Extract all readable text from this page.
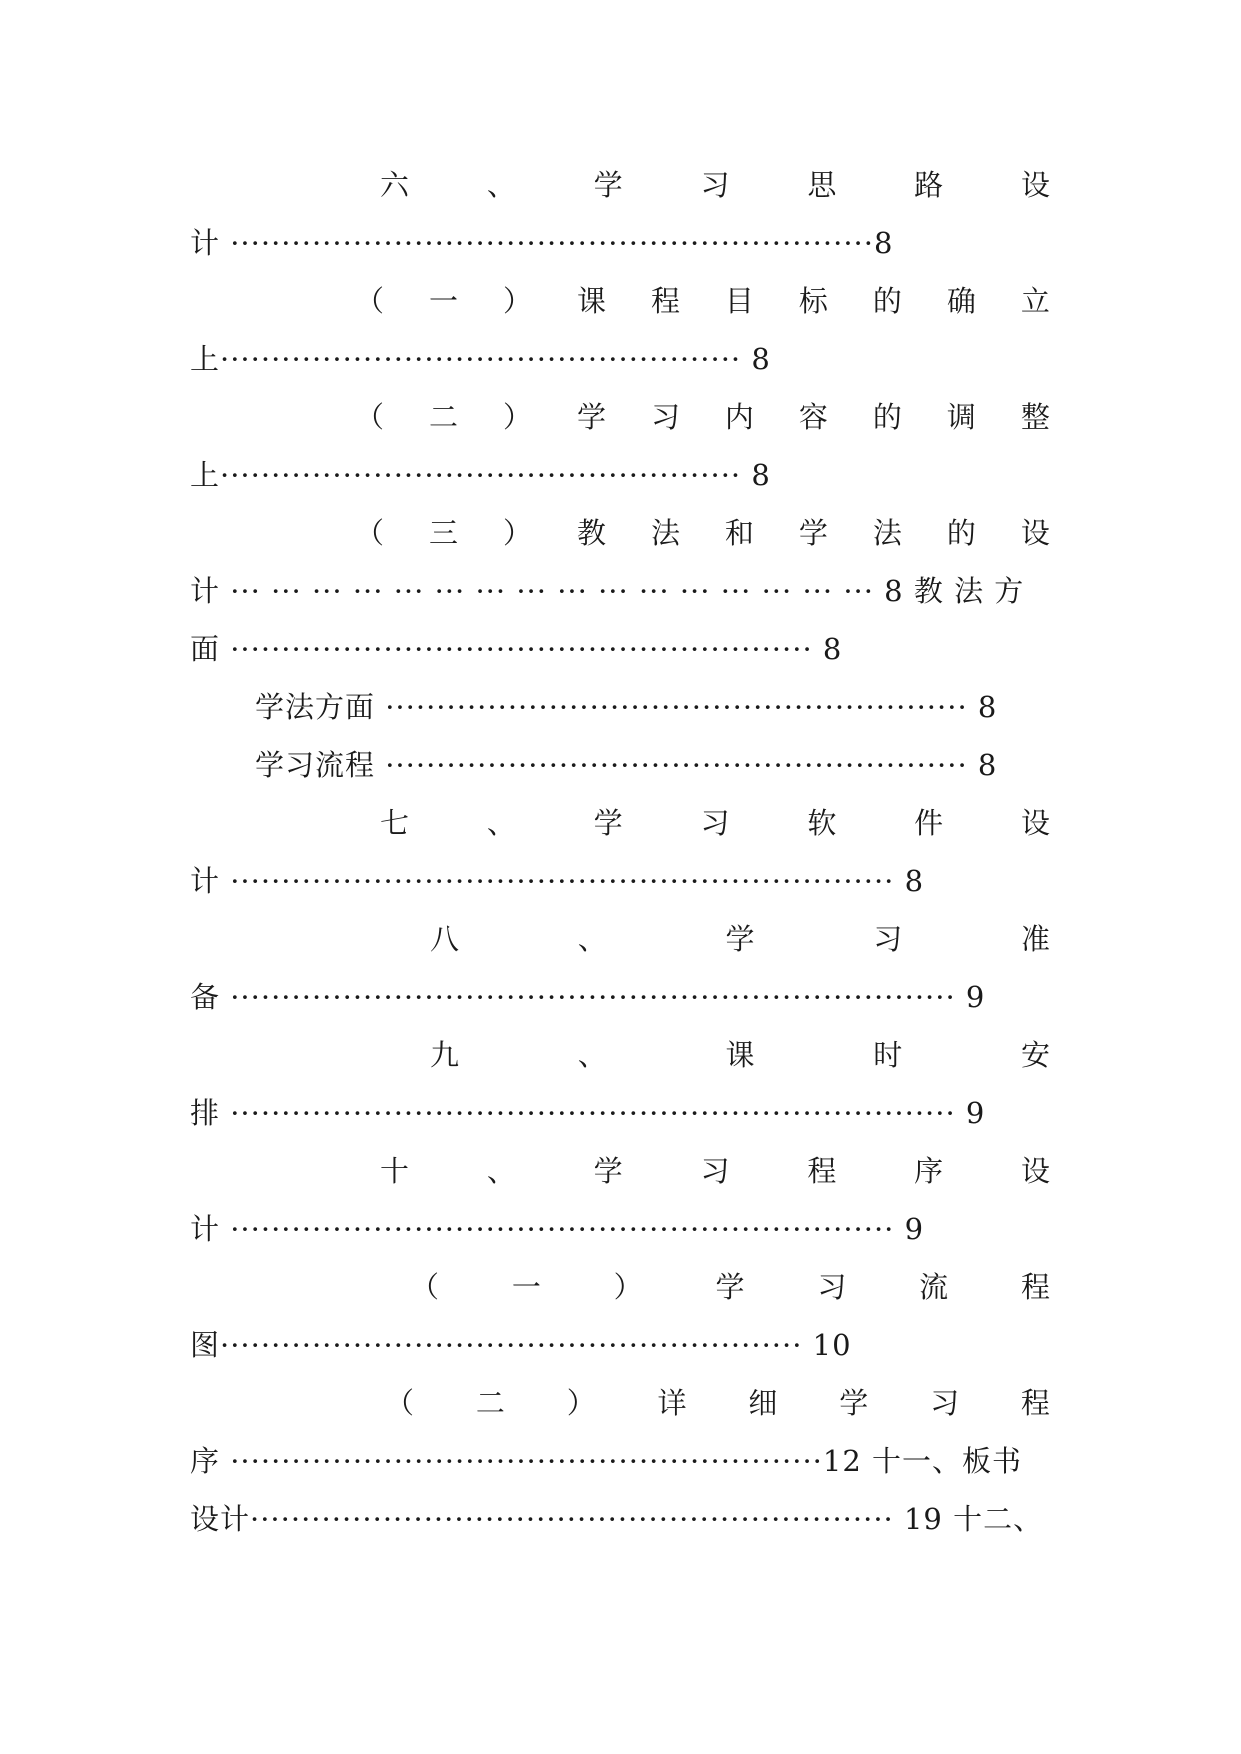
六	、	学	习	思	路	设
计 ·······························································8
（ 一 ） 课 程 目 标 的 确 立
上··················································· 8
（ 二 ） 学 习 内 容 的 调 整
上··················································· 8
（ 三 ） 教 法 和 学 法 的 设
计 ··· ··· ··· ··· ··· ··· ··· ··· ··· ··· ··· ··· ··· ··· ··· ··· 8 教 法 方
面 ························································· 8
学法方面 ························································· 8
学习流程 ························································· 8
七	、	学	习	软	件	设
计 ································································· 8
八	、	学	习	准
备 ······································································· 9
九	、	课	时	安
排 ······································································· 9
十	、	学	习	程	序	设
计 ································································· 9
（	一	）	学	习	流	程
图························································· 10
（ 二 ） 详 细 学 习 程
序 ··························································12 十一、板书
设计······························································· 19 十二、
